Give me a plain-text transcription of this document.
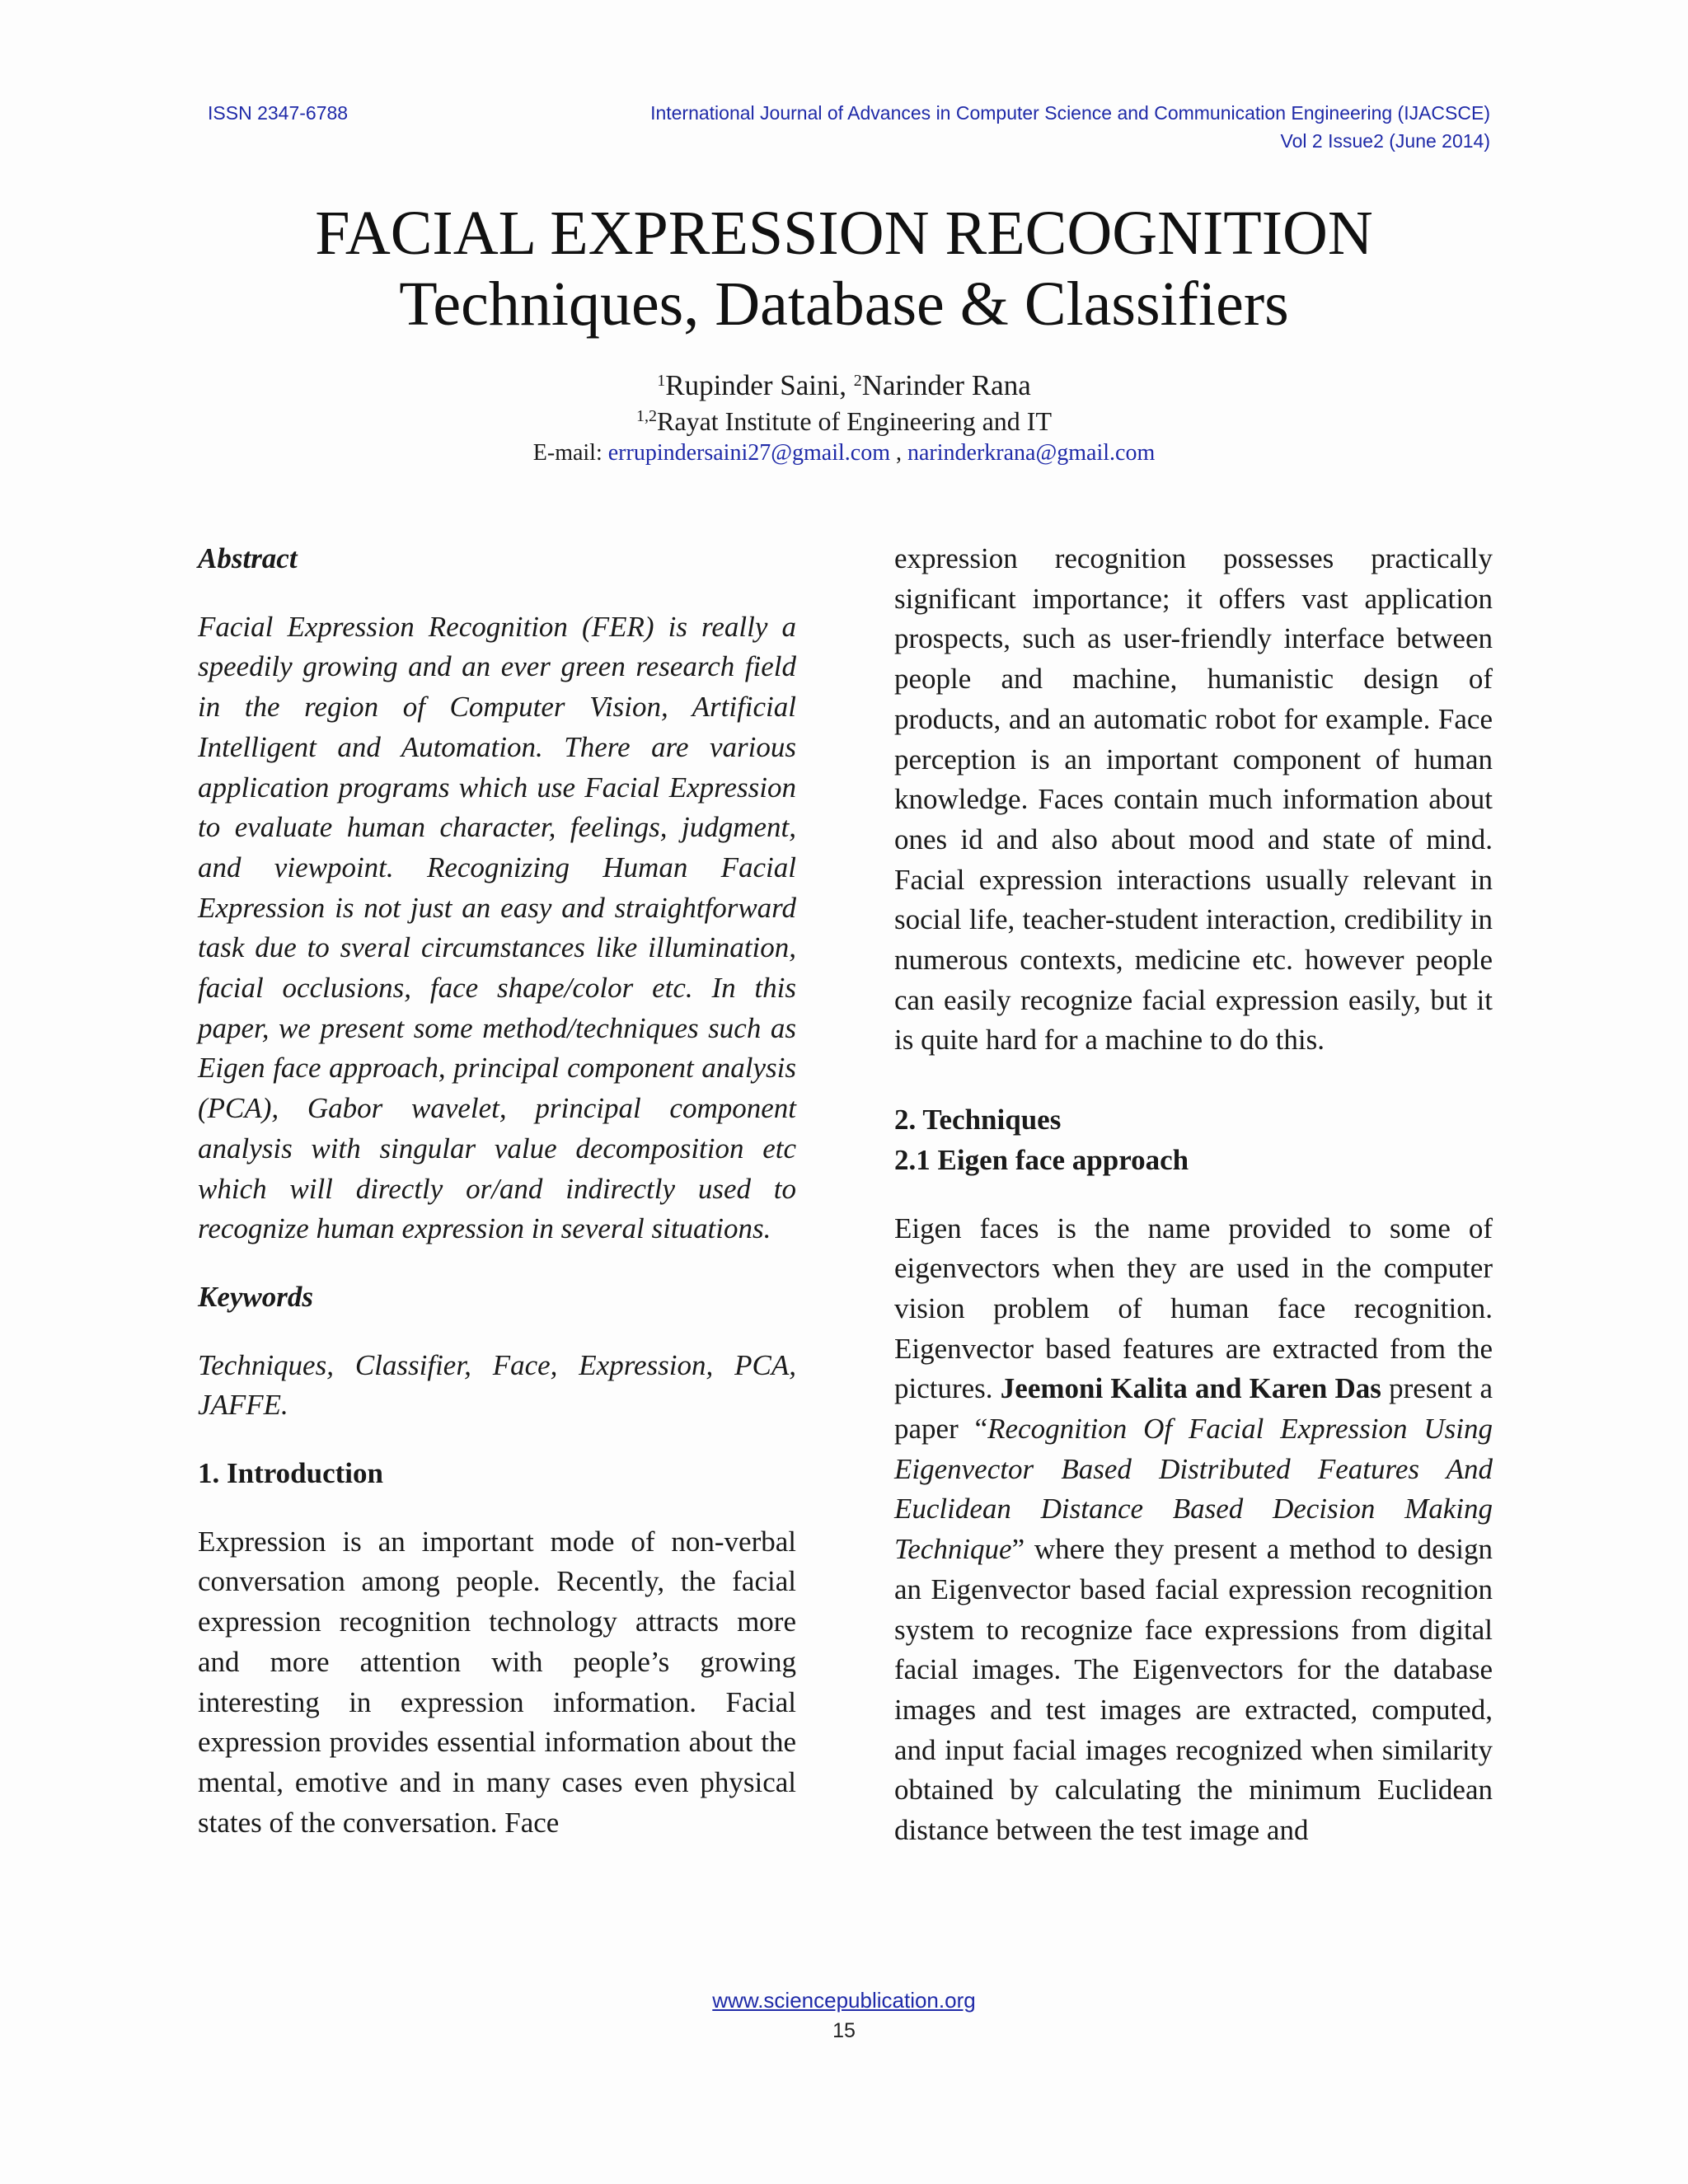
ISSN 2347-6788	International Journal of Advances in Computer Science and Communication Engineering (IJACSCE)
Vol 2 Issue2 (June 2014)
FACIAL EXPRESSION RECOGNITION
Techniques, Database & Classifiers
$^1$Rupinder Saini, $^2$Narinder Rana
$^{1,2}$Rayat Institute of Engineering and IT
E-mail: errupindersaini27@gmail.com , narinderkrana@gmail.com

Abstract

Facial Expression Recognition (FER) is really a speedily growing and an ever green research field in the region of Computer Vision, Artificial Intelligent and Automation. There are various application programs which use Facial Expression to evaluate human character, feelings, judgment, and viewpoint. Recognizing Human Facial Expression is not just an easy and straightforward task due to sveral circumstances like illumination, facial occlusions, face shape/color etc. In this paper, we present some method/techniques such as Eigen face approach, principal component analysis (PCA), Gabor wavelet, principal component analysis with singular value decomposition etc which will directly or/and indirectly used to recognize human expression in several situations.

Keywords

Techniques, Classifier, Face, Expression, PCA, JAFFE.

1. Introduction

Expression is an important mode of non-verbal conversation among people. Recently, the facial expression recognition technology attracts more and more attention with people’s growing interesting in expression information. Facial expression provides essential information about the mental, emotive and in many cases even physical states of the conversation. Face

expression recognition possesses practically significant importance; it offers vast application prospects, such as user-friendly interface between people and machine, humanistic design of products, and an automatic robot for example. Face perception is an important component of human knowledge. Faces contain much information about ones id and also about mood and state of mind. Facial expression interactions usually relevant in social life, teacher-student interaction, credibility in numerous contexts, medicine etc. however people can easily recognize facial expression easily, but it is quite hard for a machine to do this.

2. Techniques

2.1 Eigen face approach

Eigen faces is the name provided to some of eigenvectors when they are used in the computer vision problem of human face recognition. Eigenvector based features are extracted from the pictures. Jeemoni Kalita and Karen Das present a paper “Recognition Of Facial Expression Using Eigenvector Based Distributed Features And Euclidean Distance Based Decision Making Technique” where they present a method to design an Eigenvector based facial expression recognition system to recognize face expressions from digital facial images. The Eigenvectors for the database images and test images are extracted, computed, and input facial images recognized when similarity obtained by calculating the minimum Euclidean distance between the test image and

www.sciencepublication.org
15
